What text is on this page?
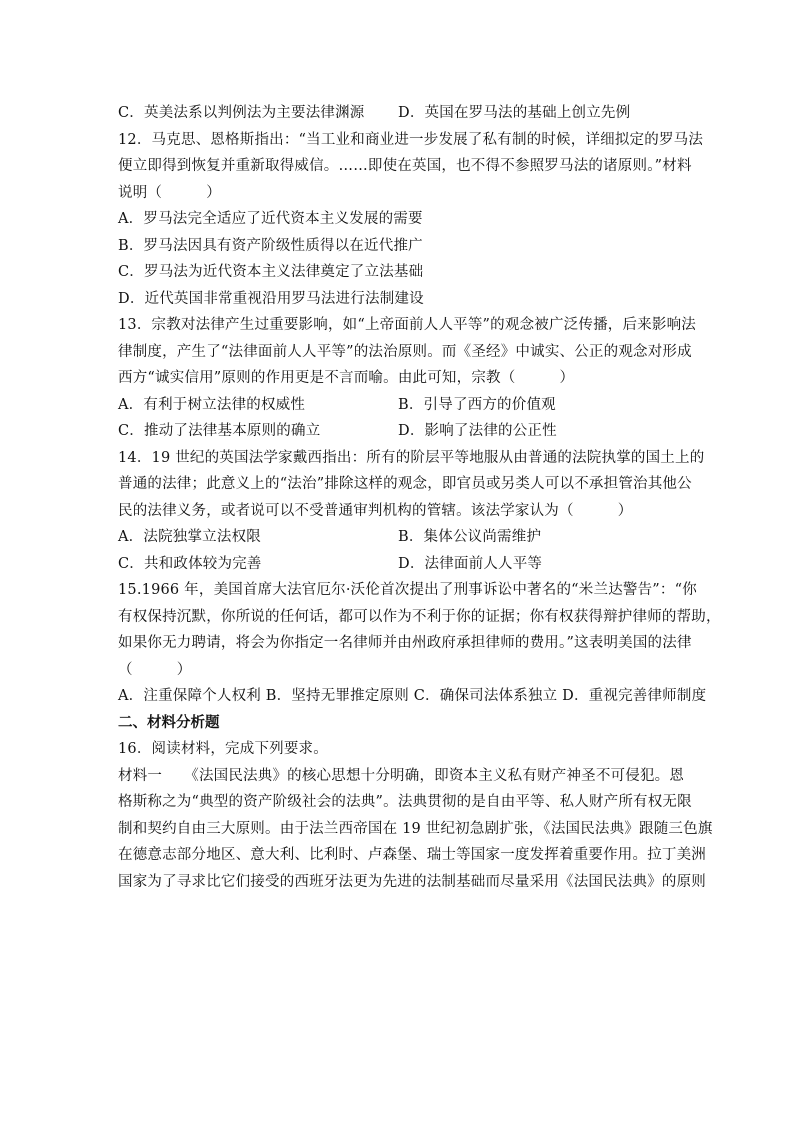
C．英美法系以判例法为主要法律渊源	D．英国在罗马法的基础上创立先例
12．马克思、恩格斯指出：“当工业和商业进一步发展了私有制的时候，详细拟定的罗马法
便立即得到恢复并重新取得威信。……即使在英国，也不得不参照罗马法的诸原则。”材料
说明（　　　）
A．罗马法完全适应了近代资本主义发展的需要
B．罗马法因具有资产阶级性质得以在近代推广
C．罗马法为近代资本主义法律奠定了立法基础
D．近代英国非常重视沿用罗马法进行法制建设
13．宗教对法律产生过重要影响，如“上帝面前人人平等”的观念被广泛传播，后来影响法
律制度，产生了“法律面前人人平等”的法治原则。而《圣经》中诚实、公正的观念对形成
西方“诚实信用”原则的作用更是不言而喻。由此可知，宗教（　　　）
A．有利于树立法律的权威性	B．引导了西方的价值观
C．推动了法律基本原则的确立	D．影响了法律的公正性
14．19 世纪的英国法学家戴西指出：所有的阶层平等地服从由普通的法院执掌的国土上的
普通的法律；此意义上的“法治”排除这样的观念，即官员或另类人可以不承担管治其他公
民的法律义务，或者说可以不受普通审判机构的管辖。该法学家认为（　　　）
A．法院独掌立法权限	B．集体公议尚需维护
C．共和政体较为完善	D．法律面前人人平等
15.1966 年，美国首席大法官厄尔·沃伦首次提出了刑事诉讼中著名的“米兰达警告”：“你
有权保持沉默，你所说的任何话，都可以作为不利于你的证据；你有权获得辩护律师的帮助，
如果你无力聘请，将会为你指定一名律师并由州政府承担律师的费用。”这表明美国的法律
（　　　）
A．注重保障个人权利 B．坚持无罪推定原则 C．确保司法体系独立 D．重视完善律师制度
二、材料分析题
16．阅读材料，完成下列要求。
材料一　　《法国民法典》的核心思想十分明确，即资本主义私有财产神圣不可侵犯。恩
格斯称之为“典型的资产阶级社会的法典”。法典贯彻的是自由平等、私人财产所有权无限
制和契约自由三大原则。由于法兰西帝国在 19 世纪初急剧扩张，《法国民法典》跟随三色旗
在德意志部分地区、意大利、比利时、卢森堡、瑞士等国家一度发挥着重要作用。拉丁美洲
国家为了寻求比它们接受的西班牙法更为先进的法制基础而尽量采用《法国民法典》的原则
